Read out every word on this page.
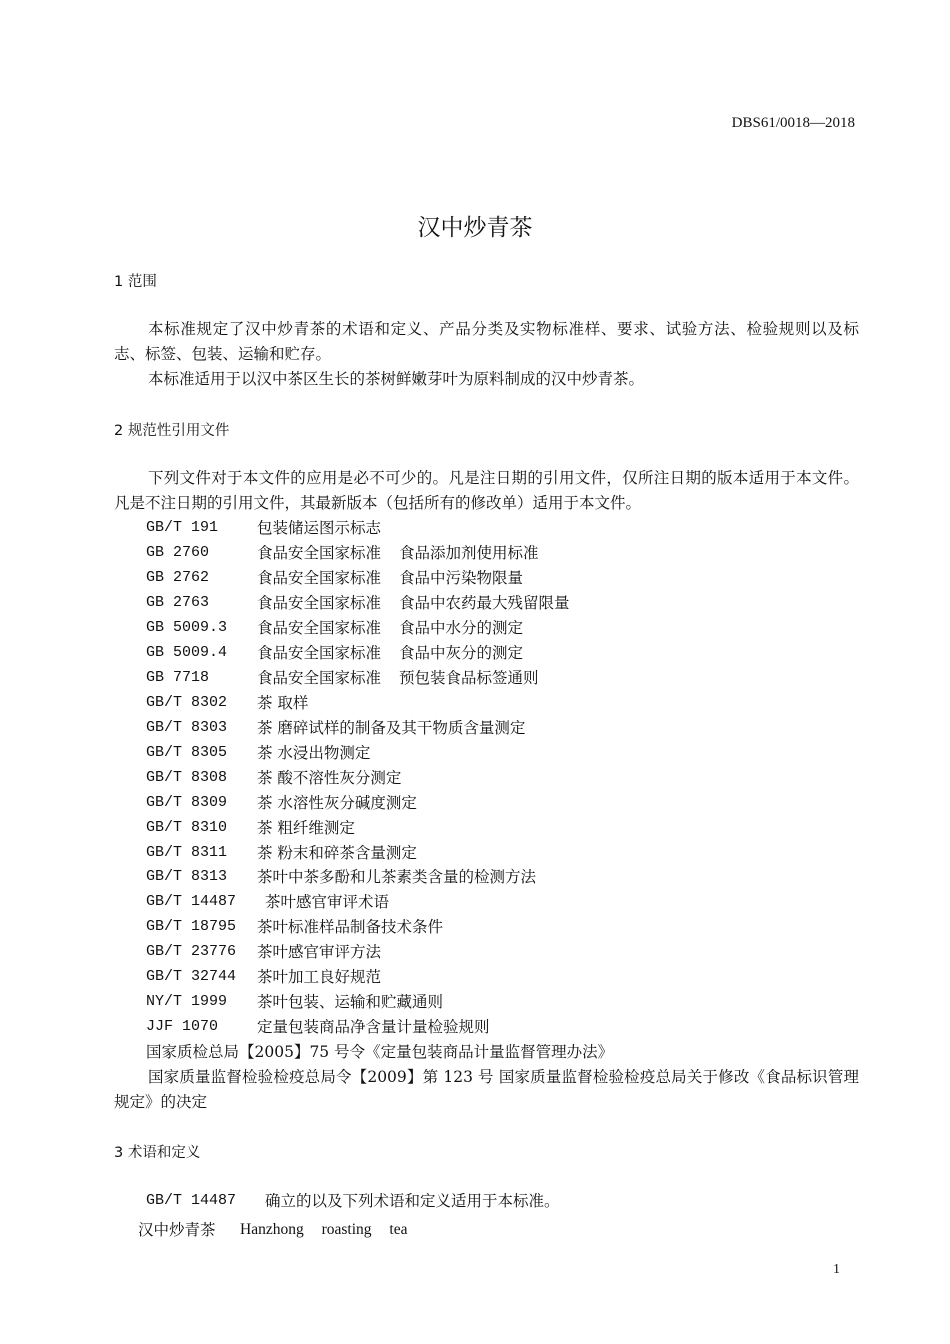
DBS61/0018—2018
汉中炒青茶
1 范围
本标准规定了汉中炒青茶的术语和定义、产品分类及实物标准样、要求、试验方法、检验规则以及标志、标签、包装、运输和贮存。
本标准适用于以汉中茶区生长的茶树鲜嫩芽叶为原料制成的汉中炒青茶。
2 规范性引用文件
下列文件对于本文件的应用是必不可少的。凡是注日期的引用文件，仅所注日期的版本适用于本文件。凡是不注日期的引用文件，其最新版本（包括所有的修改单）适用于本文件。
GB/T 191	包装储运图示标志
GB 2760	食品安全国家标准 食品添加剂使用标准
GB 2762	食品安全国家标准 食品中污染物限量
GB 2763	食品安全国家标准 食品中农药最大残留限量
GB 5009.3 食品安全国家标准 食品中水分的测定
GB 5009.4 食品安全国家标准 食品中灰分的测定
GB 7718	食品安全国家标准 预包装食品标签通则
GB/T 8302 茶 取样
GB/T 8303 茶 磨碎试样的制备及其干物质含量测定
GB/T 8305 茶 水浸出物测定
GB/T 8308 茶 酸不溶性灰分测定
GB/T 8309 茶 水溶性灰分碱度测定
GB/T 8310 茶 粗纤维测定
GB/T 8311 茶 粉末和碎茶含量测定
GB/T 8313 茶叶中茶多酚和儿茶素类含量的检测方法
GB/T 14487 茶叶感官审评术语
GB/T 18795 茶叶标准样品制备技术条件
GB/T 23776 茶叶感官审评方法
GB/T 32744 茶叶加工良好规范
NY/T 1999 茶叶包装、运输和贮藏通则
JJF 1070	定量包装商品净含量计量检验规则
国家质检总局【2005】75 号令《定量包装商品计量监督管理办法》
国家质量监督检验检疫总局令【2009】第 123 号 国家质量监督检验检疫总局关于修改《食品标识管理规定》的决定
3 术语和定义
GB/T 14487 确立的以及下列术语和定义适用于本标准。
汉中炒青茶 Hanzhong roasting tea
1
